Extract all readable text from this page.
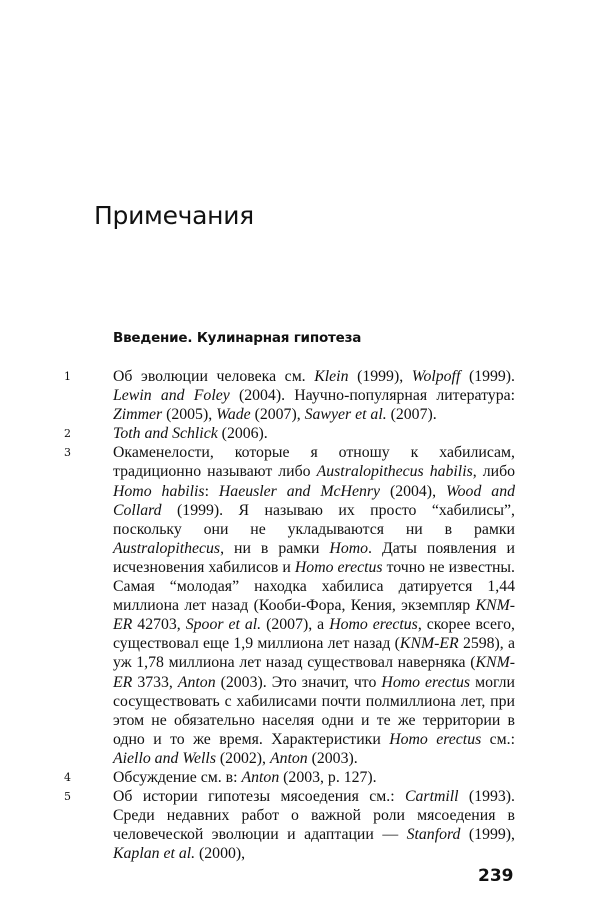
Примечания
Введение. Кулинарная гипотеза
1	Об эволюции человека см. Klein (1999), Wolpoff (1999). Lewin and Foley (2004). Научно-популярная литература: Zimmer (2005), Wade (2007), Sawyer et al. (2007).
2	Toth and Schlick (2006).
3	Окаменелости, которые я отношу к хабилисам, традиционно называют либо Australopithecus habilis, либо Homo habilis: Haeusler and McHenry (2004), Wood and Collard (1999). Я называю их просто “хабилисы”, поскольку они не укладываются ни в рамки Australopithecus, ни в рамки Homo. Даты появления и исчезновения хабилисов и Homo erectus точно не известны. Самая “молодая” находка хабилиса датируется 1,44 миллиона лет назад (Кооби-Фора, Кения, экземпляр KNM-ER 42703, Spoor et al. (2007), а Homo erectus, скорее всего, существовал еще 1,9 миллиона лет назад (KNM-ER 2598), а уж 1,78 миллиона лет назад существовал наверняка (KNM-ER 3733, Anton (2003). Это значит, что Homo erectus могли сосуществовать с хабилисами почти полмиллиона лет, при этом не обязательно населяя одни и те же территории в одно и то же время. Характеристики Homo erectus см.: Aiello and Wells (2002), Anton (2003).
4	Обсуждение см. в: Anton (2003, p. 127).
5	Об истории гипотезы мясоедения см.: Cartmill (1993). Среди недавних работ о важной роли мясоедения в человеческой эволюции и адаптации — Stanford (1999), Kaplan et al. (2000),
239
